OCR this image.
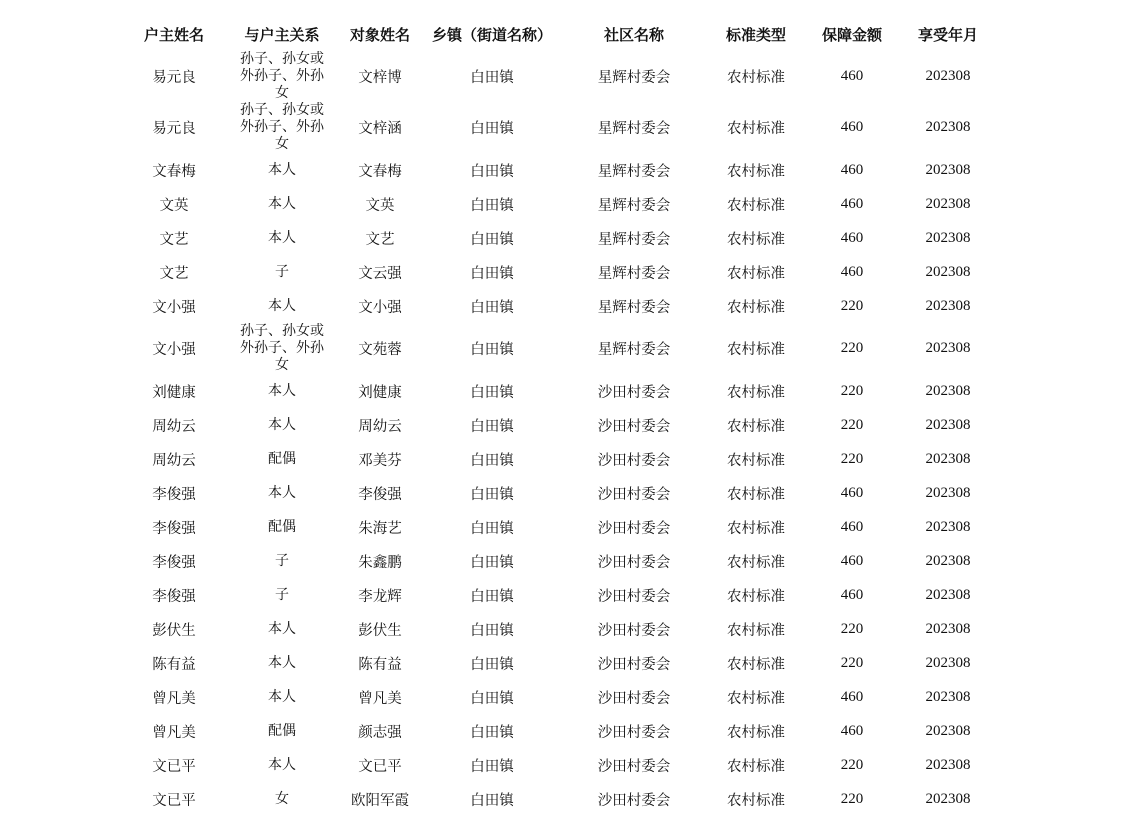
户主姓名	与户主关系	对象姓名	乡镇（街道名称）	社区名称	标准类型	保障金额	享受年月
易元良	孙子、孙女或外孙子、外孙女	文梓博	白田镇	星辉村委会	农村标准	460	202308
易元良	孙子、孙女或外孙子、外孙女	文梓涵	白田镇	星辉村委会	农村标准	460	202308
文春梅	本人	文春梅	白田镇	星辉村委会	农村标准	460	202308
文英	本人	文英	白田镇	星辉村委会	农村标准	460	202308
文艺	本人	文艺	白田镇	星辉村委会	农村标准	460	202308
文艺	子	文云强	白田镇	星辉村委会	农村标准	460	202308
文小强	本人	文小强	白田镇	星辉村委会	农村标准	220	202308
文小强	孙子、孙女或外孙子、外孙女	文苑蓉	白田镇	星辉村委会	农村标准	220	202308
刘健康	本人	刘健康	白田镇	沙田村委会	农村标准	220	202308
周幼云	本人	周幼云	白田镇	沙田村委会	农村标准	220	202308
周幼云	配偶	邓美芬	白田镇	沙田村委会	农村标准	220	202308
李俊强	本人	李俊强	白田镇	沙田村委会	农村标准	460	202308
李俊强	配偶	朱海艺	白田镇	沙田村委会	农村标准	460	202308
李俊强	子	朱鑫鹏	白田镇	沙田村委会	农村标准	460	202308
李俊强	子	李龙辉	白田镇	沙田村委会	农村标准	460	202308
彭伏生	本人	彭伏生	白田镇	沙田村委会	农村标准	220	202308
陈有益	本人	陈有益	白田镇	沙田村委会	农村标准	220	202308
曾凡美	本人	曾凡美	白田镇	沙田村委会	农村标准	460	202308
曾凡美	配偶	颜志强	白田镇	沙田村委会	农村标准	460	202308
文已平	本人	文已平	白田镇	沙田村委会	农村标准	220	202308
文已平	女	欧阳军霞	白田镇	沙田村委会	农村标准	220	202308
